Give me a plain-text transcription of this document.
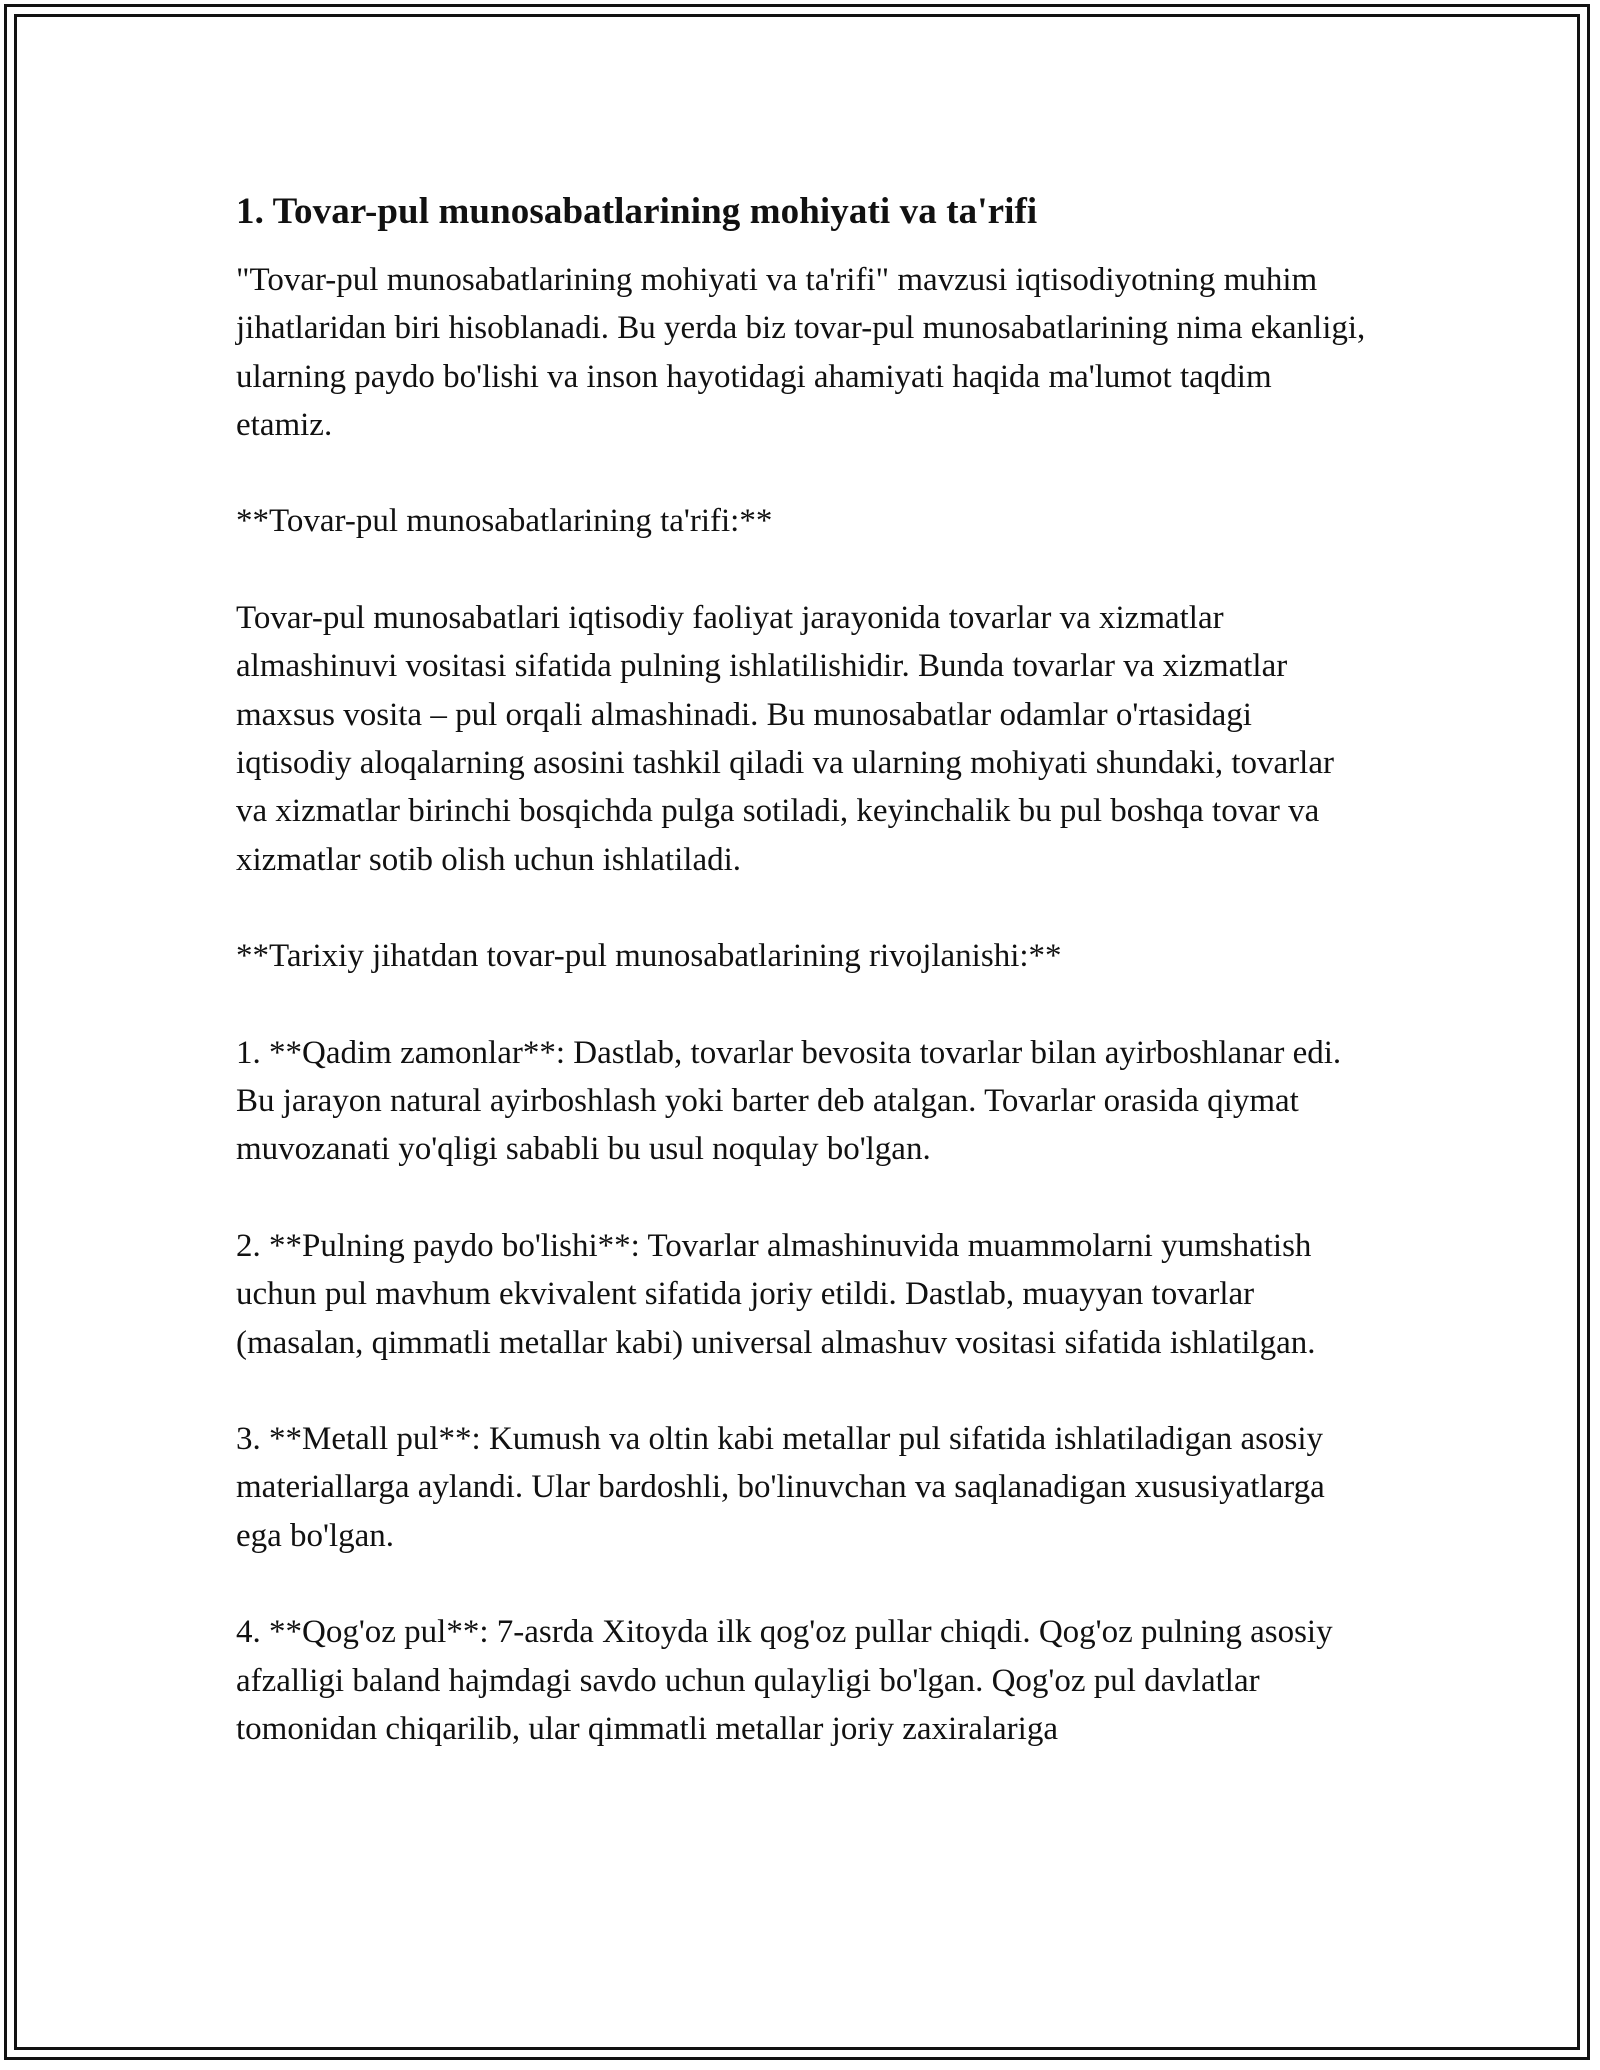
1. Tovar-pul munosabatlarining mohiyati va ta'rifi

"Tovar-pul munosabatlarining mohiyati va ta'rifi" mavzusi iqtisodiyotning muhim jihatlaridan biri hisoblanadi. Bu yerda biz tovar-pul munosabatlarining nima ekanligi, ularning paydo bo'lishi va inson hayotidagi ahamiyati haqida ma'lumot taqdim etamiz.

**Tovar-pul munosabatlarining ta'rifi:**

Tovar-pul munosabatlari iqtisodiy faoliyat jarayonida tovarlar va xizmatlar almashinuvi vositasi sifatida pulning ishlatilishidir. Bunda tovarlar va xizmatlar maxsus vosita – pul orqali almashinadi. Bu munosabatlar odamlar o'rtasidagi iqtisodiy aloqalarning asosini tashkil qiladi va ularning mohiyati shundaki, tovarlar va xizmatlar birinchi bosqichda pulga sotiladi, keyinchalik bu pul boshqa tovar va xizmatlar sotib olish uchun ishlatiladi.

**Tarixiy jihatdan tovar-pul munosabatlarining rivojlanishi:**

1. **Qadim zamonlar**: Dastlab, tovarlar bevosita tovarlar bilan ayirboshlanar edi. Bu jarayon natural ayirboshlash yoki barter deb atalgan. Tovarlar orasida qiymat muvozanati yo'qligi sababli bu usul noqulay bo'lgan.

2. **Pulning paydo bo'lishi**: Tovarlar almashinuvida muammolarni yumshatish uchun pul mavhum ekvivalent sifatida joriy etildi. Dastlab, muayyan tovarlar (masalan, qimmatli metallar kabi) universal almashuv vositasi sifatida ishlatilgan.

3. **Metall pul**: Kumush va oltin kabi metallar pul sifatida ishlatiladigan asosiy materiallarga aylandi. Ular bardoshli, bo'linuvchan va saqlanadigan xususiyatlarga ega bo'lgan.

4. **Qog'oz pul**: 7-asrda Xitoyda ilk qog'oz pullar chiqdi. Qog'oz pulning asosiy afzalligi baland hajmdagi savdo uchun qulayligi bo'lgan. Qog'oz pul davlatlar tomonidan chiqarilib, ular qimmatli metallar joriy zaxiralariga
